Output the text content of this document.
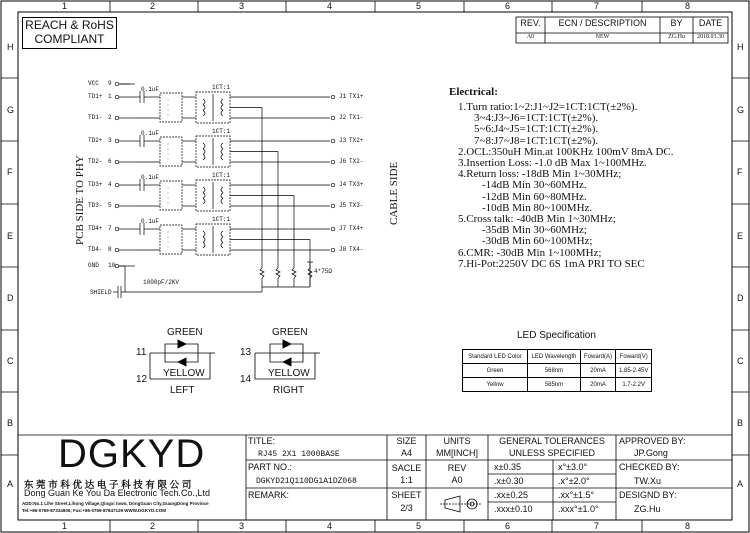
1
1
2
2
3
3
4
4
5
5
6
6
7
7
8
8
H	H
G	G
F	F
E	E
D	D
C	C
B	B
A	A
REACH & RoHS
COMPLIANT
REV.	ECN / DESCRIPTION	BY	DATE
A0	NEW	ZG.Hu	2018.03.30
PCB SIDE TO PHY	CABLE SIDE
VCC 9
TD1+ 1
TD1- 2
TD2+ 3
TD2- 6
TD3+ 4
TD3- 5
TD4+ 7
TD4- 8
GND 10
0.1uF	1CT:1
0.1uF	1CT:1
0.1uF	1CT:1
0.1uF	1CT:1
4*75Ω
J1 TX1+
J2 TX1-
J3 TX2+
J6 TX2-
J4 TX3+
J5 TX3-
J7 TX4+
J8 TX4-
SHIELD
1000pF/2KV
Electrical:
1.Turn ratio:1~2:J1~J2=1CT:1CT(±2%).
3~4:J3~J6=1CT:1CT(±2%).
5~6:J4~J5=1CT:1CT(±2%).
7~8:J7~J8=1CT:1CT(±2%).
2.OCL:350uH Min.at 100KHz 100mV 8mA DC.
3.Insertion Loss: -1.0 dB Max 1~100MHz.
4.Return loss: -18dB Min 1~30MHz;
-14dB Min 30~60MHz.
-12dB Min 60~80MHz.
-10dB Min 80~100MHz.
5.Cross talk: -40dB Min 1~30MHz;
-35dB Min 30~60MHz;
-30dB Min 60~100MHz;
6.CMR: -30dB Min 1~100MHz;
7.Hi-Pot:2250V DC 6S 1mA PRI TO SEC
GREEN
YELLOW
11
12
LEFT
GREEN
YELLOW
13
14
RIGHT
LED Specification
Standard LED Color	LED Wavelength	Foward(A)	Foward(V)
Green	568nm	20mA	1.85-2.45V
Yellow	585nm	20mA	1.7-2.2V
DGKYD
东 莞 市 科 优 达 电 子 科 技 有 限 公 司
Dong Guan Ke You Da Electronic Tech.Co.,Ltd
ADD:No.1 Lihe Street,Lihong Village,Qingxi town, DongGuan City,GuangDong Province
Tel:+86-0769-87334606; Fax:+86-0769-87847129 WWW.DGKYD.COM
TITLE:
RJ45 2X1 1000BASE
PART NO.:
DGKYD21Q110DG1A1DZ068
REMARK:
SIZE
A4
UNITS
MM[INCH]
SACLE
1:1
REV
A0
SHEET
2/3
GENERAL TOLERANCES
UNLESS SPECIFIED
x±0.35	x°±3.0°
.x±0.30	.x°±2.0°
.xx±0.25	.xx°±1.5°
.xxx±0.10	.xxx°±1.0°
APPROVED BY:
JP.Gong
CHECKED BY:
TW.Xu
DESIGND BY:
ZG.Hu
